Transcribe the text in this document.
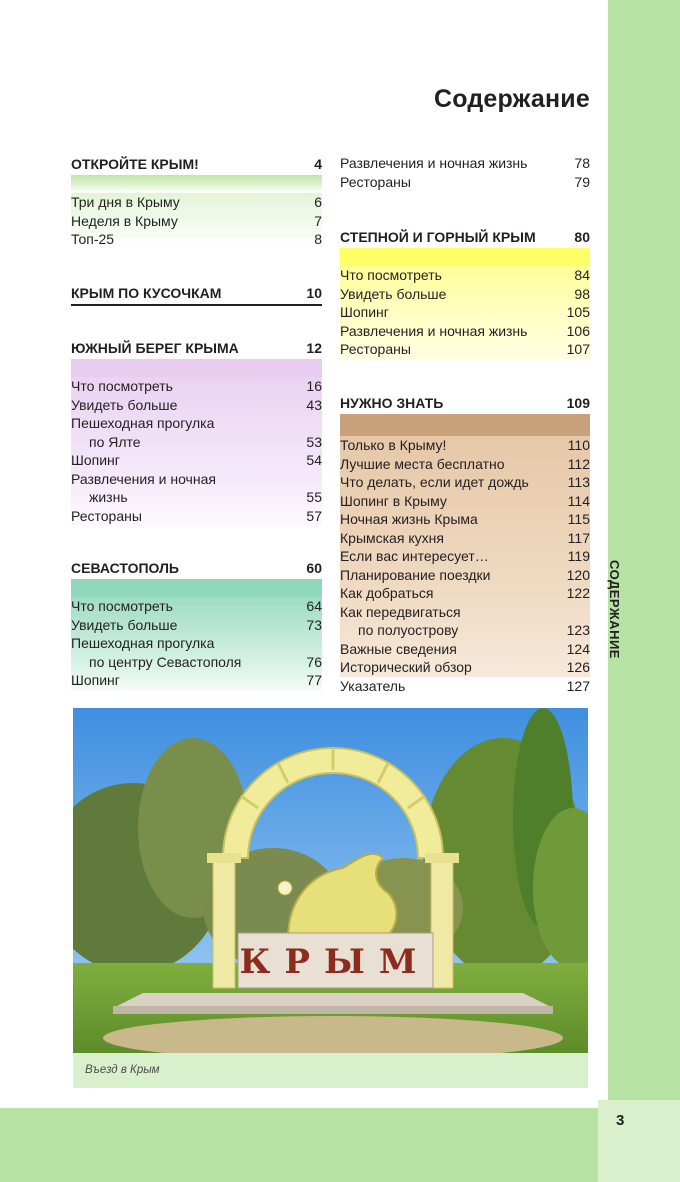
СОДЕРЖАНИЕ
3
Содержание
ОТКРОЙТЕ КРЫМ!	4
Три дня в Крыму	6
Неделя в Крыму	7
Топ-25	8
КРЫМ ПО КУСОЧКАМ	10
ЮЖНЫЙ БЕРЕГ КРЫМА	12
Что посмотреть	16
Увидеть больше	43
Пешеходная прогулка
по Ялте	53
Шопинг	54
Развлечения и ночная
жизнь	55
Рестораны	57
СЕВАСТОПОЛЬ	60
Что посмотреть	64
Увидеть больше	73
Пешеходная прогулка
по центру Севастополя	76
Шопинг	77
Развлечения и ночная жизнь	78
Рестораны	79
СТЕПНОЙ И ГОРНЫЙ КРЫМ	80
Что посмотреть	84
Увидеть больше	98
Шопинг	105
Развлечения и ночная жизнь	106
Рестораны	107
НУЖНО ЗНАТЬ	109
Только в Крыму!	110
Лучшие места бесплатно	112
Что делать, если идет дождь	113
Шопинг в Крыму	114
Ночная жизнь Крыма	115
Крымская кухня	117
Если вас интересует…	119
Планирование поездки	120
Как добраться	122
Как передвигаться
по полуострову	123
Важные сведения	124
Исторический обзор	126
Указатель	127
КРЫМ
Въезд в Крым
